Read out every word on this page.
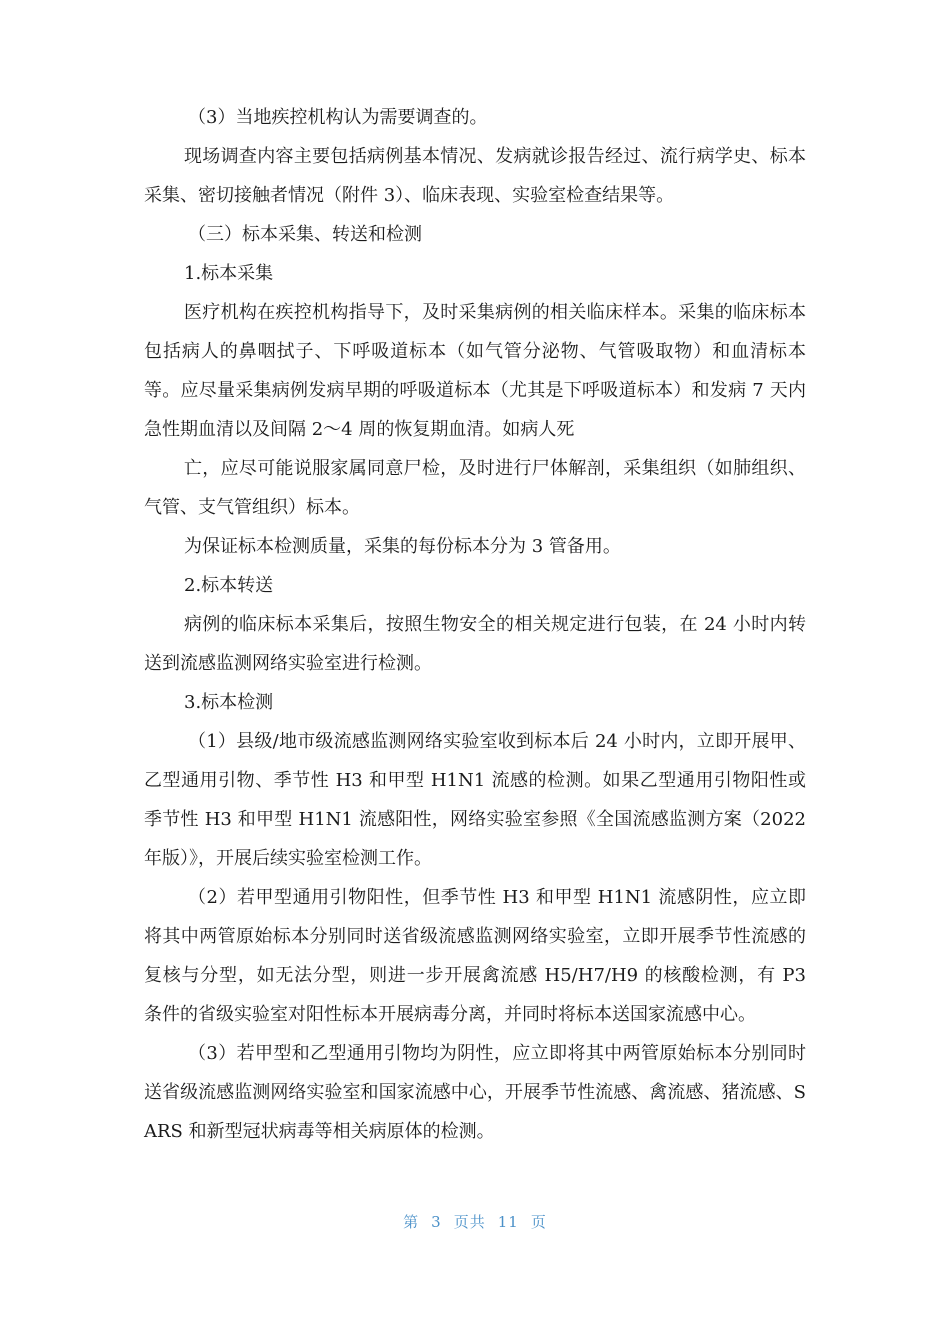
（3）当地疾控机构认为需要调查的。

现场调查内容主要包括病例基本情况、发病就诊报告经过、流行病学史、标本采集、密切接触者情况（附件 3）、临床表现、实验室检查结果等。

（三）标本采集、转送和检测

1.标本采集

医疗机构在疾控机构指导下，及时采集病例的相关临床样本。采集的临床标本包括病人的鼻咽拭子、下呼吸道标本（如气管分泌物、气管吸取物）和血清标本等。应尽量采集病例发病早期的呼吸道标本（尤其是下呼吸道标本）和发病 7 天内急性期血清以及间隔 2～4 周的恢复期血清。如病人死

亡，应尽可能说服家属同意尸检，及时进行尸体解剖，采集组织（如肺组织、气管、支气管组织）标本。

为保证标本检测质量，采集的每份标本分为 3 管备用。

2.标本转送

病例的临床标本采集后，按照生物安全的相关规定进行包装，在 24 小时内转送到流感监测网络实验室进行检测。

3.标本检测

（1）县级/地市级流感监测网络实验室收到标本后 24 小时内，立即开展甲、乙型通用引物、季节性 H3 和甲型 H1N1 流感的检测。如果乙型通用引物阳性或季节性 H3 和甲型 H1N1 流感阳性，网络实验室参照《全国流感监测方案（2022 年版）》，开展后续实验室检测工作。

（2）若甲型通用引物阳性，但季节性 H3 和甲型 H1N1 流感阴性，应立即将其中两管原始标本分别同时送省级流感监测网络实验室，立即开展季节性流感的复核与分型，如无法分型，则进一步开展禽流感 H5/H7/H9 的核酸检测，有 P3 条件的省级实验室对阳性标本开展病毒分离，并同时将标本送国家流感中心。

（3）若甲型和乙型通用引物均为阴性，应立即将其中两管原始标本分别同时送省级流感监测网络实验室和国家流感中心，开展季节性流感、禽流感、猪流感、SARS 和新型冠状病毒等相关病原体的检测。

第 3 页共 11 页
